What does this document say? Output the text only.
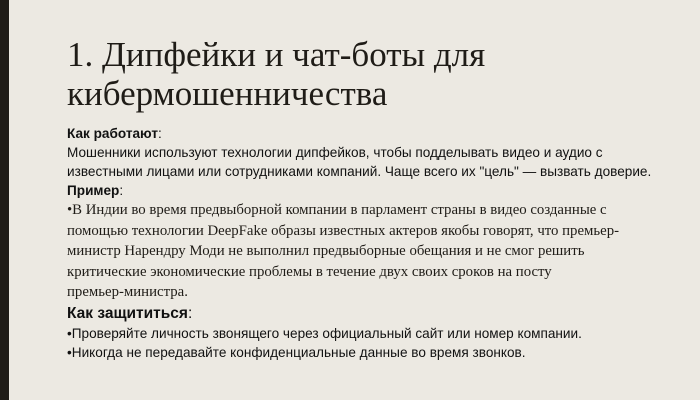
1. Дипфейки и чат-боты для
кибермошенничества

Как работают:

Мошенники используют технологии дипфейков, чтобы подделывать видео и аудио с

известными лицами или сотрудниками компаний. Чаще всего их "цель" — вызвать доверие.

Пример:

•В Индии во время предвыборной компании в парламент страны в видео созданные с

помощью технологии DeepFake образы известных актеров якобы говорят, что премьер-

министр Нарендру Моди не выполнил предвыборные обещания и не смог решить

критические экономические проблемы в течение двух своих сроков на посту

премьер-министра.

Как защититься:

•Проверяйте личность звонящего через официальный сайт или номер компании.

•Никогда не передавайте конфиденциальные данные во время звонков.
